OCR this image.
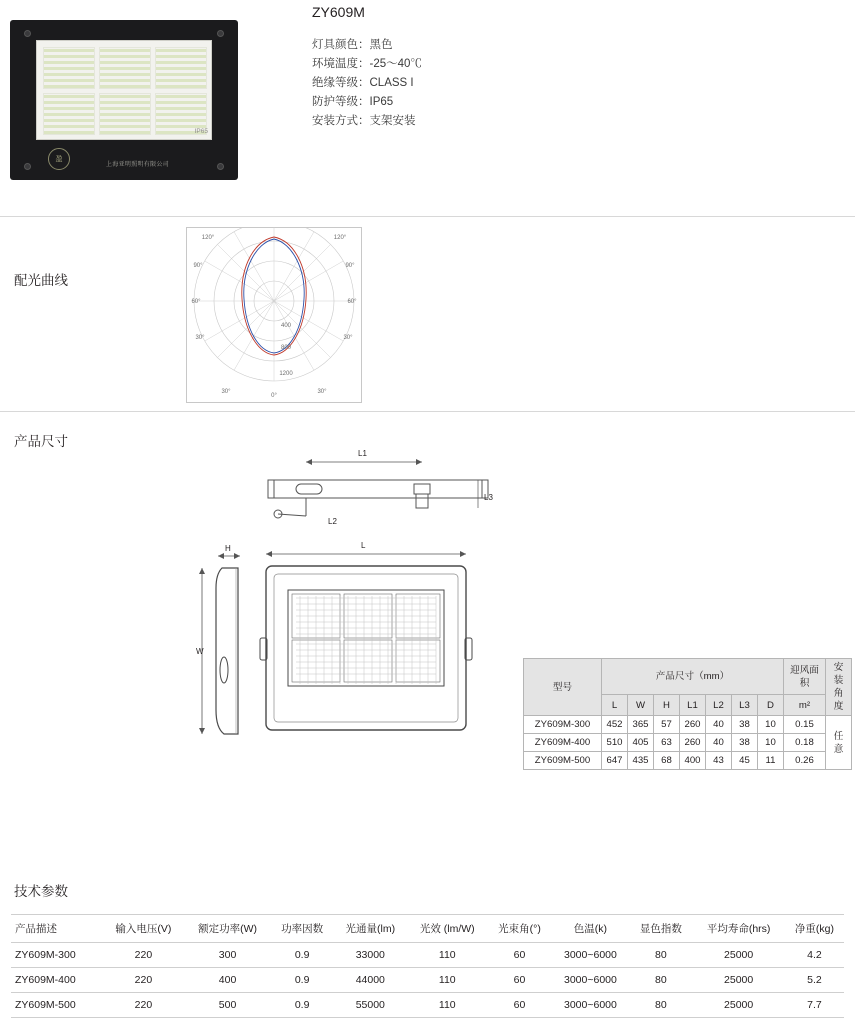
盈
上海亚明照明有限公司
IP65
ZY609M
灯具颜色：黑色
环境温度：-25～40℃
绝缘等级：CLASS I
防护等级：IP65
安装方式：支架安装
配光曲线
120°	120°
90°	90°
60°	60°
30°	30°
30°
0°
30°
400
800
1200
产品尺寸
L1
L2
L3
L
H
W
型号	产品尺寸（mm）							迎风面积	安装角度
	L	W	H	L1	L2	L3	D	m²	
ZY609M-300	452	365	57	260	40	38	10	0.15	任意
ZY609M-400	510	405	63	260	40	38	10	0.18	
ZY609M-500	647	435	68	400	43	45	11	0.26	
技术参数
产品描述	输入电压(V)	额定功率(W)	功率因数	光通量(lm)	光效 (lm/W)	光束角(°)	色温(k)	显色指数	平均寿命(hrs)	净重(kg)
ZY609M-300	220	300	0.9	33000	110	60	3000~6000	80	25000	4.2
ZY609M-400	220	400	0.9	44000	110	60	3000~6000	80	25000	5.2
ZY609M-500	220	500	0.9	55000	110	60	3000~6000	80	25000	7.7
